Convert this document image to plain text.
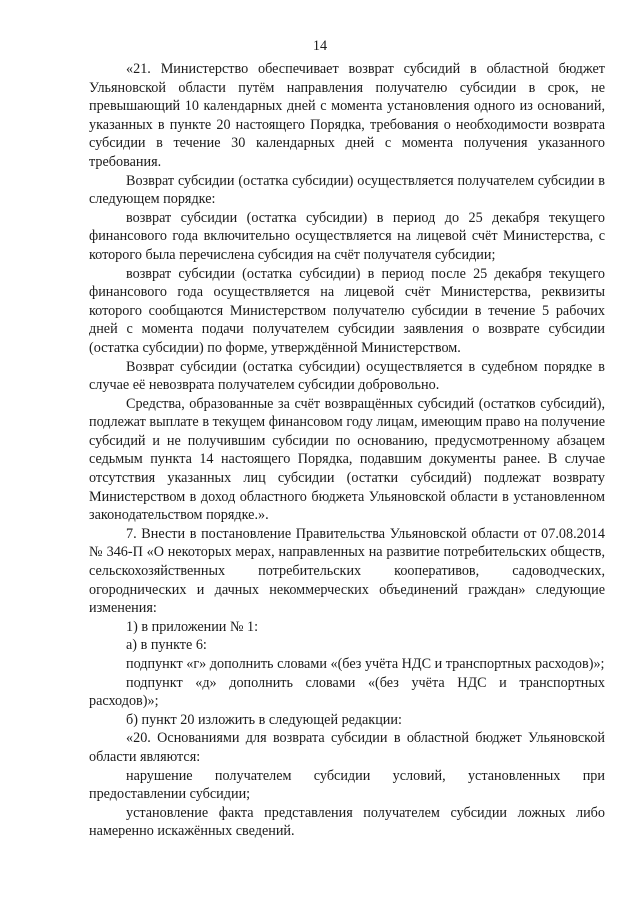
14

«21. Министерство обеспечивает возврат субсидий в областной бюджет Ульяновской области путём направления получателю субсидии в срок, не превышающий 10 календарных дней с момента установления одного из оснований, указанных в пункте 20 настоящего Порядка, требования о необходимости возврата субсидии в течение 30 календарных дней с момента получения указанного требования.

Возврат субсидии (остатка субсидии) осуществляется получателем субсидии в следующем порядке:

возврат субсидии (остатка субсидии) в период до 25 декабря текущего финансового года включительно осуществляется на лицевой счёт Министерства, с которого была перечислена субсидия на счёт получателя субсидии;

возврат субсидии (остатка субсидии) в период после 25 декабря текущего финансового года осуществляется на лицевой счёт Министерства, реквизиты которого сообщаются Министерством получателю субсидии в течение 5 рабочих дней с момента подачи получателем субсидии заявления о возврате субсидии (остатка субсидии) по форме, утверждённой Министерством.

Возврат субсидии (остатка субсидии) осуществляется в судебном порядке в случае её невозврата получателем субсидии добровольно.

Средства, образованные за счёт возвращённых субсидий (остатков субсидий), подлежат выплате в текущем финансовом году лицам, имеющим право на получение субсидий и не получившим субсидии по основанию, предусмотренному абзацем седьмым пункта 14 настоящего Порядка, подавшим документы ранее. В случае отсутствия указанных лиц субсидии (остатки субсидий) подлежат возврату Министерством в доход областного бюджета Ульяновской области в установленном законодательством порядке.».

7. Внести в постановление Правительства Ульяновской области от 07.08.2014 № 346-П «О некоторых мерах, направленных на развитие потребительских обществ, сельскохозяйственных потребительских кооперативов, садоводческих, огороднических и дачных некоммерческих объединений граждан» следующие изменения:

1) в приложении № 1:

а) в пункте 6:

подпункт «г» дополнить словами «(без учёта НДС и транспортных расходов)»;

подпункт «д» дополнить словами «(без учёта НДС и транспортных расходов)»;

б) пункт 20 изложить в следующей редакции:

«20. Основаниями для возврата субсидии в областной бюджет Ульяновской области являются:

нарушение получателем субсидии условий, установленных при предоставлении субсидии;

установление факта представления получателем субсидии ложных либо намеренно искажённых сведений.
